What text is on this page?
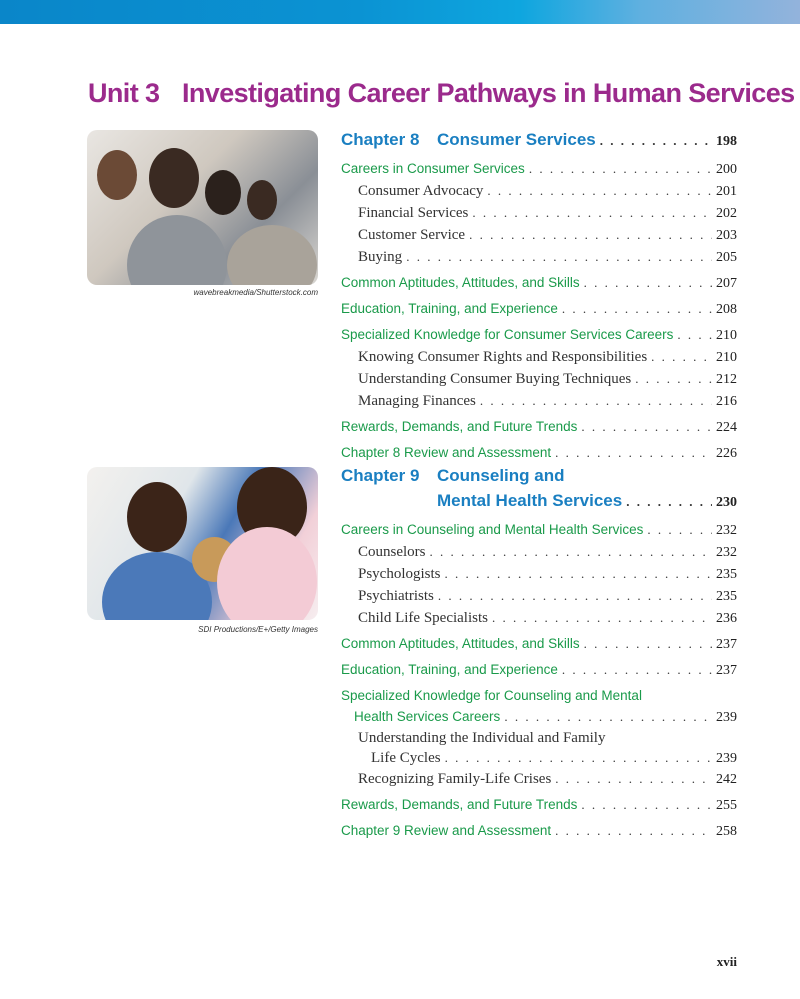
Unit 3 Investigating Career Pathways in Human Services
wavebreakmedia/Shutterstock.com
SDI Productions/E+/Getty Images
Chapter 8	Consumer Services . . .	198
Careers in Consumer Services . . .	200
Consumer Advocacy . . .	201
Financial Services . . .	202
Customer Service . . .	203
Buying . . .	205
Common Aptitudes, Attitudes, and Skills . . .	207
Education, Training, and Experience . . .	208
Specialized Knowledge for Consumer Services Careers . . .	210
Knowing Consumer Rights and Responsibilities . . .	210
Understanding Consumer Buying Techniques . . .	212
Managing Finances . . .	216
Rewards, Demands, and Future Trends . . .	224
Chapter 8 Review and Assessment . . .	226
Chapter 9	Counseling and
Mental Health Services . . .	230
Careers in Counseling and Mental Health Services . . .	232
Counselors . . .	232
Psychologists . . .	235
Psychiatrists . . .	235
Child Life Specialists . . .	236
Common Aptitudes, Attitudes, and Skills . . .	237
Education, Training, and Experience . . .	237
Specialized Knowledge for Counseling and Mental
Health Services Careers . . .	239
Understanding the Individual and Family
Life Cycles . . .	239
Recognizing Family-Life Crises . . .	242
Rewards, Demands, and Future Trends . . .	255
Chapter 9 Review and Assessment . . .	258
xvii
